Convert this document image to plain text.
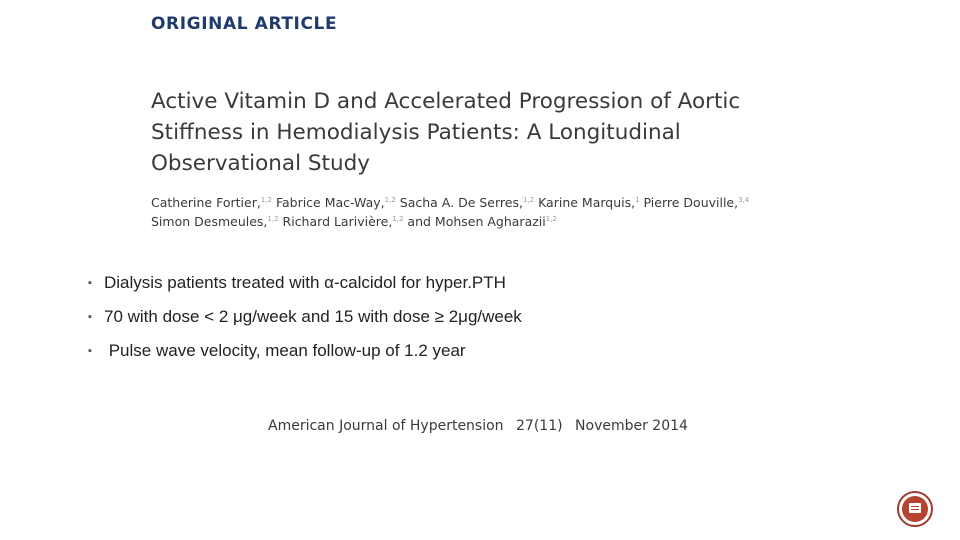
ORIGINAL ARTICLE
Active Vitamin D and Accelerated Progression of Aortic
Stiffness in Hemodialysis Patients: A Longitudinal
Observational Study
Catherine Fortier,$^{1,2}$ Fabrice Mac-Way,$^{1,2}$ Sacha A. De Serres,$^{1,2}$ Karine Marquis,$^1$ Pierre Douville,$^{3,4}$
Simon Desmeules,$^{1,2}$ Richard Larivière,$^{1,2}$ and Mohsen Agharazii$^{1,2}$
▪ Dialysis patients treated with α-calcidol for hyper.PTH
▪ 70 with dose < 2 μg/week and 15 with dose ≥ 2μg/week
▪ Pulse wave velocity, mean follow-up of 1.2 year
American Journal of Hypertension 27(11) November 2014
